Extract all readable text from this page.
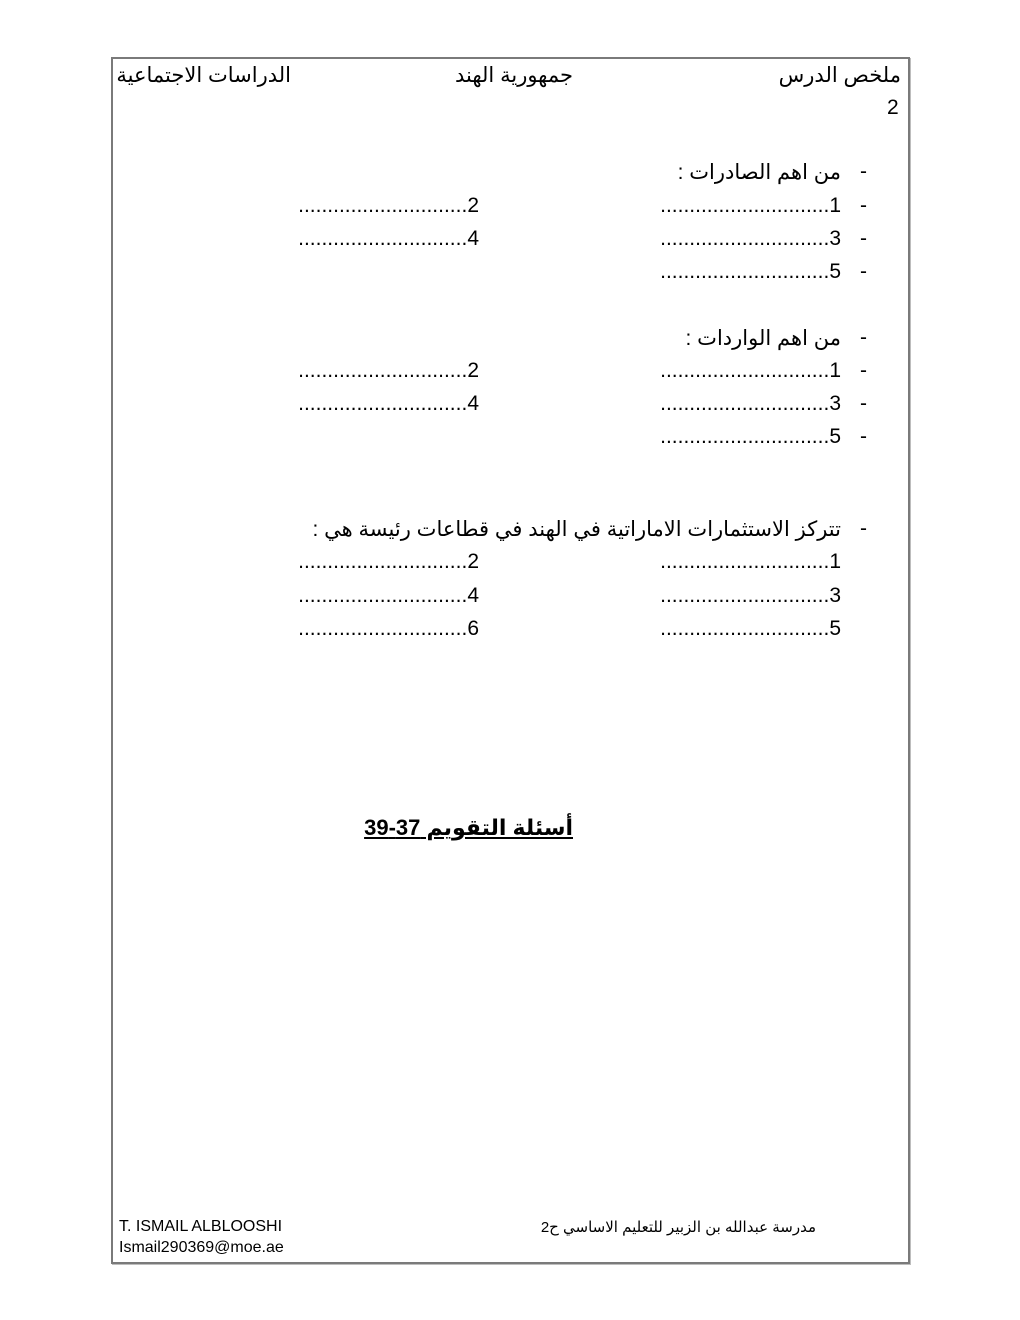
الدراسات الاجتماعية	جمهورية الهند	ملخص الدرس
2
-
من اهم الصادرات :
-
1.............................
2.............................
-
3.............................
4.............................
-
5.............................
-
من اهم الواردات :
-
1.............................
2.............................
-
3.............................
4.............................
-
5.............................
-
تتركز الاستثمارات الاماراتية في الهند في قطاعات رئيسة هي :
1.............................
2.............................
3.............................
4.............................
5.............................
6.............................
أسئلة التقويم 37-39
T. ISMAIL ALBLOOSHI
Ismail290369@moe.ae
مدرسة عبدالله بن الزبير للتعليم الاساسي ح2
